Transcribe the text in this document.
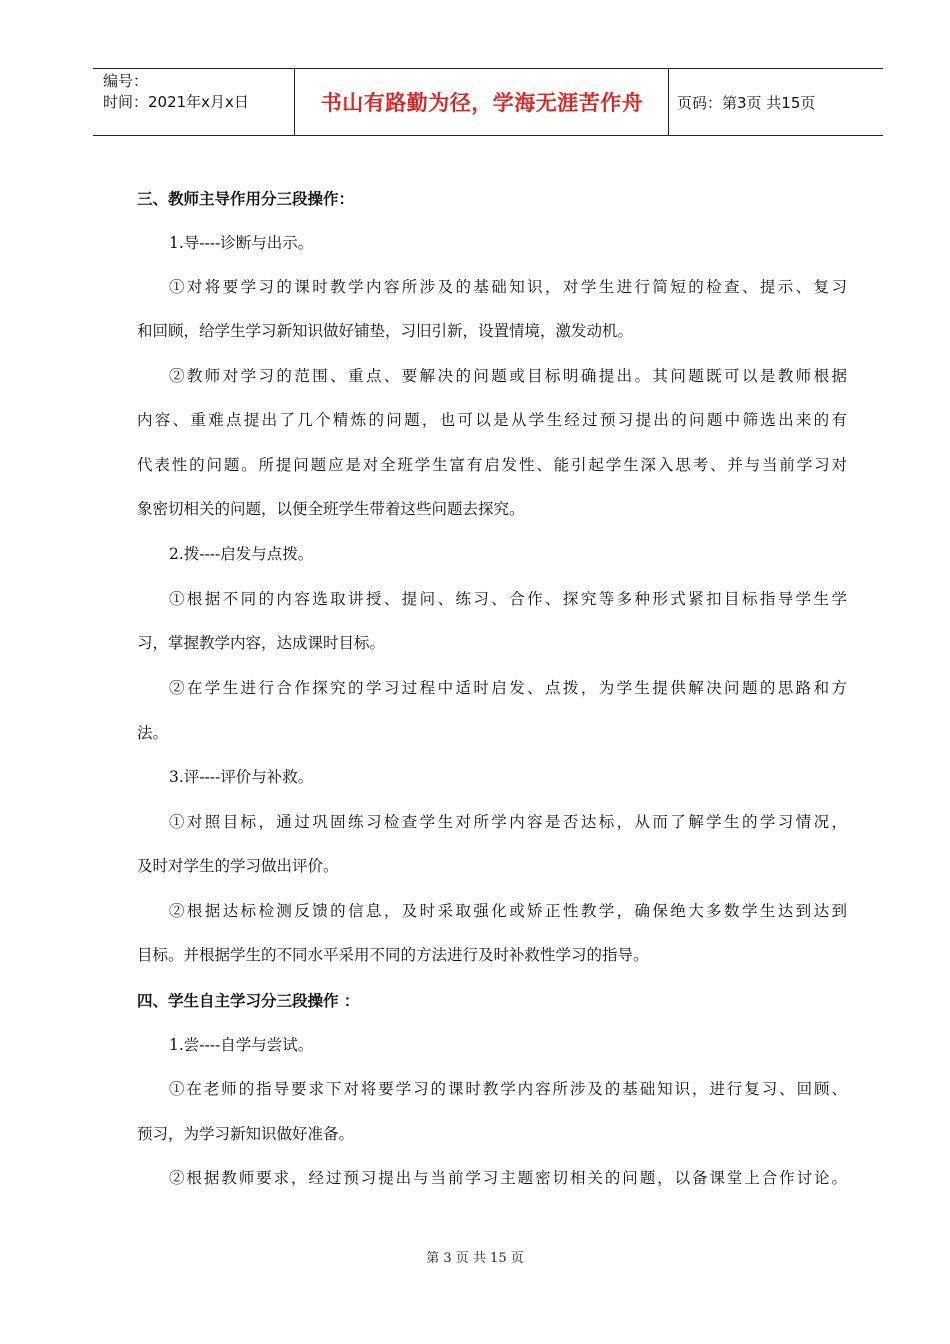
编号：
时间：2021年x月x日	书山有路勤为径，学海无涯苦作舟	页码：第3页 共15页
三、教师主导作用分三段操作：
1.导----诊断与出示。
①对将要学习的课时教学内容所涉及的基础知识，对学生进行简短的检查、提示、复习
和回顾，给学生学习新知识做好铺垫，习旧引新，设置情境，激发动机。
②教师对学习的范围、重点、要解决的问题或目标明确提出。其问题既可以是教师根据
内容、重难点提出了几个精炼的问题，也可以是从学生经过预习提出的问题中筛选出来的有
代表性的问题。所提问题应是对全班学生富有启发性、能引起学生深入思考、并与当前学习对
象密切相关的问题，以便全班学生带着这些问题去探究。
2.拨----启发与点拨。
①根据不同的内容选取讲授、提问、练习、合作、探究等多种形式紧扣目标指导学生学
习，掌握教学内容，达成课时目标。
②在学生进行合作探究的学习过程中适时启发、点拨，为学生提供解决问题的思路和方
法。
3.评----评价与补救。
①对照目标，通过巩固练习检查学生对所学内容是否达标，从而了解学生的学习情况，
及时对学生的学习做出评价。
②根据达标检测反馈的信息，及时采取强化或矫正性教学，确保绝大多数学生达到达到
目标。并根据学生的不同水平采用不同的方法进行及时补救性学习的指导。
四、学生自主学习分三段操作 ：
1.尝----自学与尝试。
①在老师的指导要求下对将要学习的课时教学内容所涉及的基础知识，进行复习、回顾、
预习，为学习新知识做好准备。
②根据教师要求，经过预习提出与当前学习主题密切相关的问题，以备课堂上合作讨论。
第 3 页 共 15 页
